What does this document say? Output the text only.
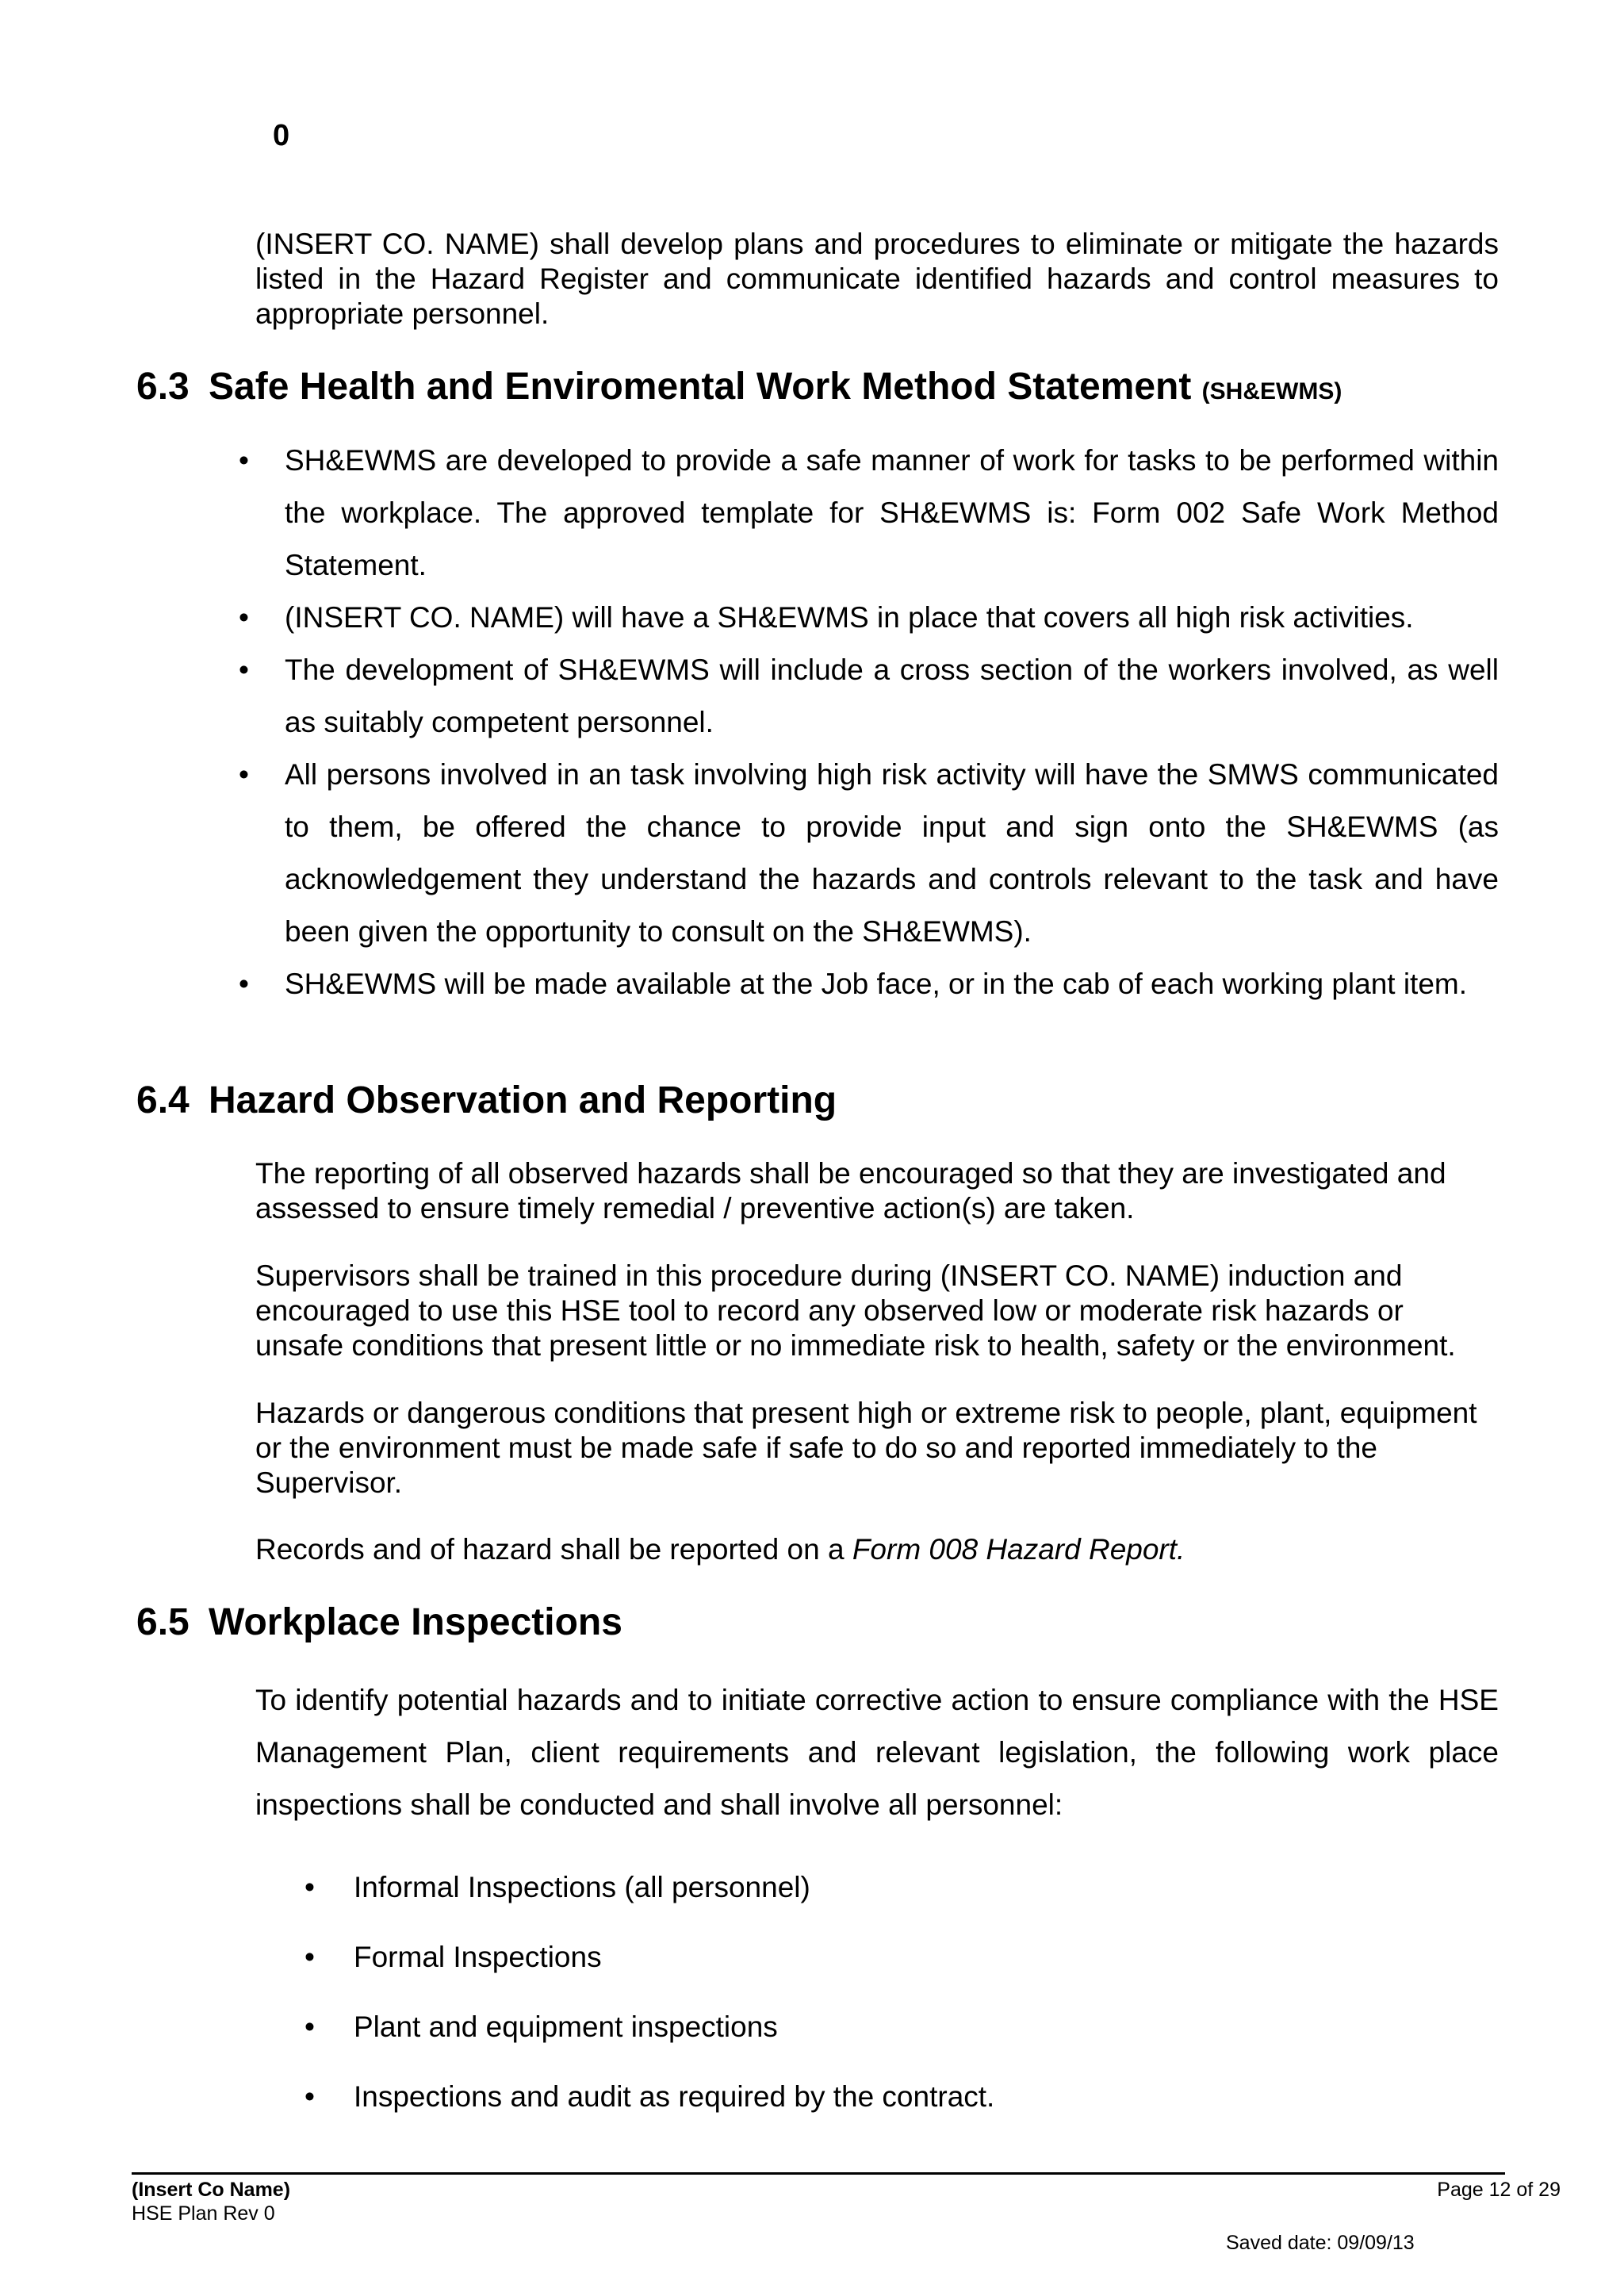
0
(INSERT CO. NAME) shall develop plans and procedures to eliminate or mitigate the hazards listed in the Hazard Register and communicate identified hazards and control measures to appropriate personnel.
6.3 Safe Health and Enviromental Work Method Statement (SH&EWMS)
• SH&EWMS are developed to provide a safe manner of work for tasks to be performed within the workplace. The approved template for SH&EWMS is: Form 002 Safe Work Method Statement.
• (INSERT CO. NAME) will have a SH&EWMS in place that covers all high risk activities.
• The development of SH&EWMS will include a cross section of the workers involved, as well as suitably competent personnel.
• All persons involved in an task involving high risk activity will have the SMWS communicated to them, be offered the chance to provide input and sign onto the SH&EWMS (as acknowledgement they understand the hazards and controls relevant to the task and have been given the opportunity to consult on the SH&EWMS).
• SH&EWMS will be made available at the Job face, or in the cab of each working plant item.
6.4 Hazard Observation and Reporting
The reporting of all observed hazards shall be encouraged so that they are investigated and assessed to ensure timely remedial / preventive action(s) are taken.
Supervisors shall be trained in this procedure during (INSERT CO. NAME) induction and encouraged to use this HSE tool to record any observed low or moderate risk hazards or unsafe conditions that present little or no immediate risk to health, safety or the environment.
Hazards or dangerous conditions that present high or extreme risk to people, plant, equipment or the environment must be made safe if safe to do so and reported immediately to the Supervisor.
Records and of hazard shall be reported on a Form 008 Hazard Report.
6.5 Workplace Inspections
To identify potential hazards and to initiate corrective action to ensure compliance with the HSE Management Plan, client requirements and relevant legislation, the following work place inspections shall be conducted and shall involve all personnel:
• Informal Inspections (all personnel)
• Formal Inspections
• Plant and equipment inspections
• Inspections and audit as required by the contract.
(Insert Co Name)
HSE Plan Rev 0
Page 12 of 29
Saved date: 09/09/13
